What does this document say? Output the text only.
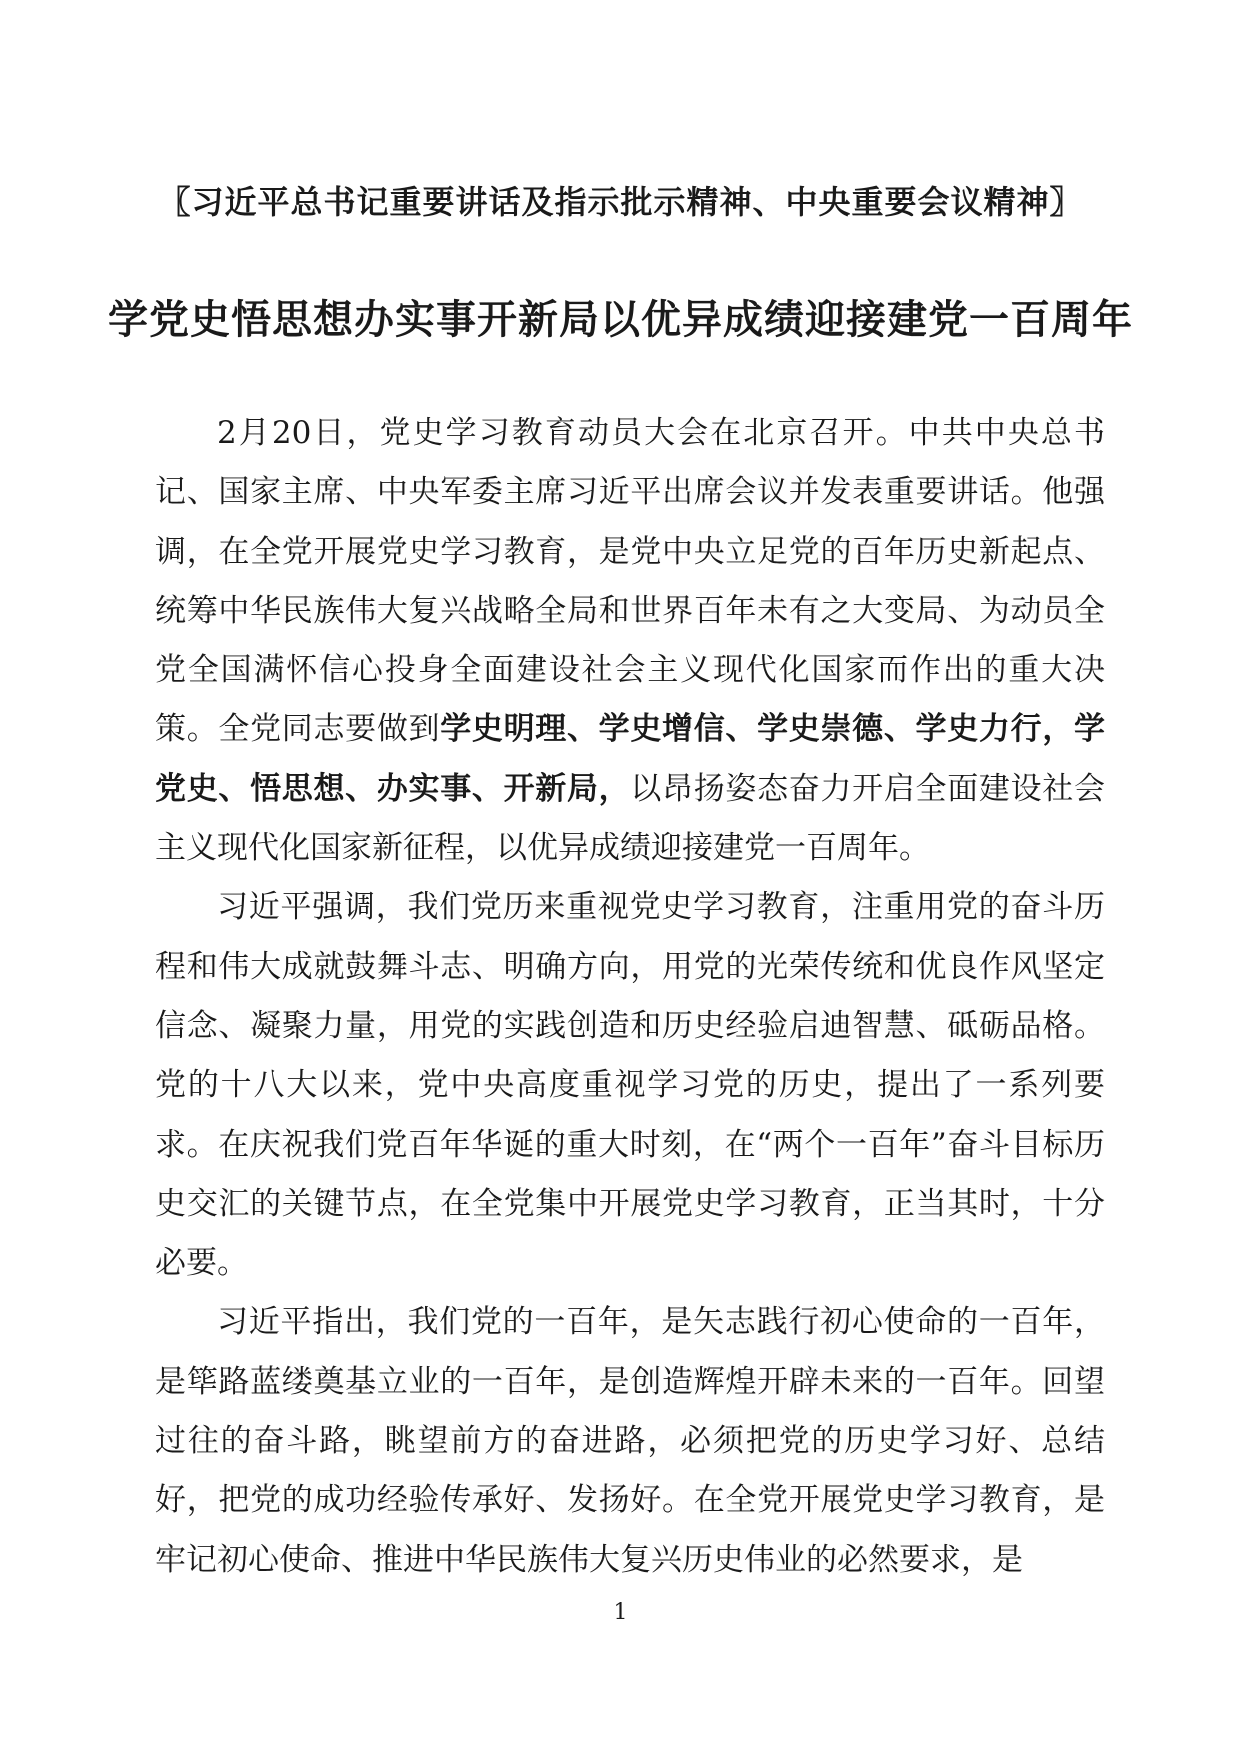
〖习近平总书记重要讲话及指示批示精神、中央重要会议精神〗
学党史悟思想办实事开新局以优异成绩迎接建党一百周年

2月20日，党史学习教育动员大会在北京召开。中共中央总书记、国家主席、中央军委主席习近平出席会议并发表重要讲话。他强调，在全党开展党史学习教育，是党中央立足党的百年历史新起点、统筹中华民族伟大复兴战略全局和世界百年未有之大变局、为动员全党全国满怀信心投身全面建设社会主义现代化国家而作出的重大决策。全党同志要做到学史明理、学史增信、学史崇德、学史力行，学党史、悟思想、办实事、开新局，以昂扬姿态奋力开启全面建设社会主义现代化国家新征程，以优异成绩迎接建党一百周年。

习近平强调，我们党历来重视党史学习教育，注重用党的奋斗历程和伟大成就鼓舞斗志、明确方向，用党的光荣传统和优良作风坚定信念、凝聚力量，用党的实践创造和历史经验启迪智慧、砥砺品格。党的十八大以来，党中央高度重视学习党的历史，提出了一系列要求。在庆祝我们党百年华诞的重大时刻，在“两个一百年”奋斗目标历史交汇的关键节点，在全党集中开展党史学习教育，正当其时，十分必要。

习近平指出，我们党的一百年，是矢志践行初心使命的一百年，是筚路蓝缕奠基立业的一百年，是创造辉煌开辟未来的一百年。回望过往的奋斗路，眺望前方的奋进路，必须把党的历史学习好、总结好，把党的成功经验传承好、发扬好。在全党开展党史学习教育，是牢记初心使命、推进中华民族伟大复兴历史伟业的必然要求，是

1
